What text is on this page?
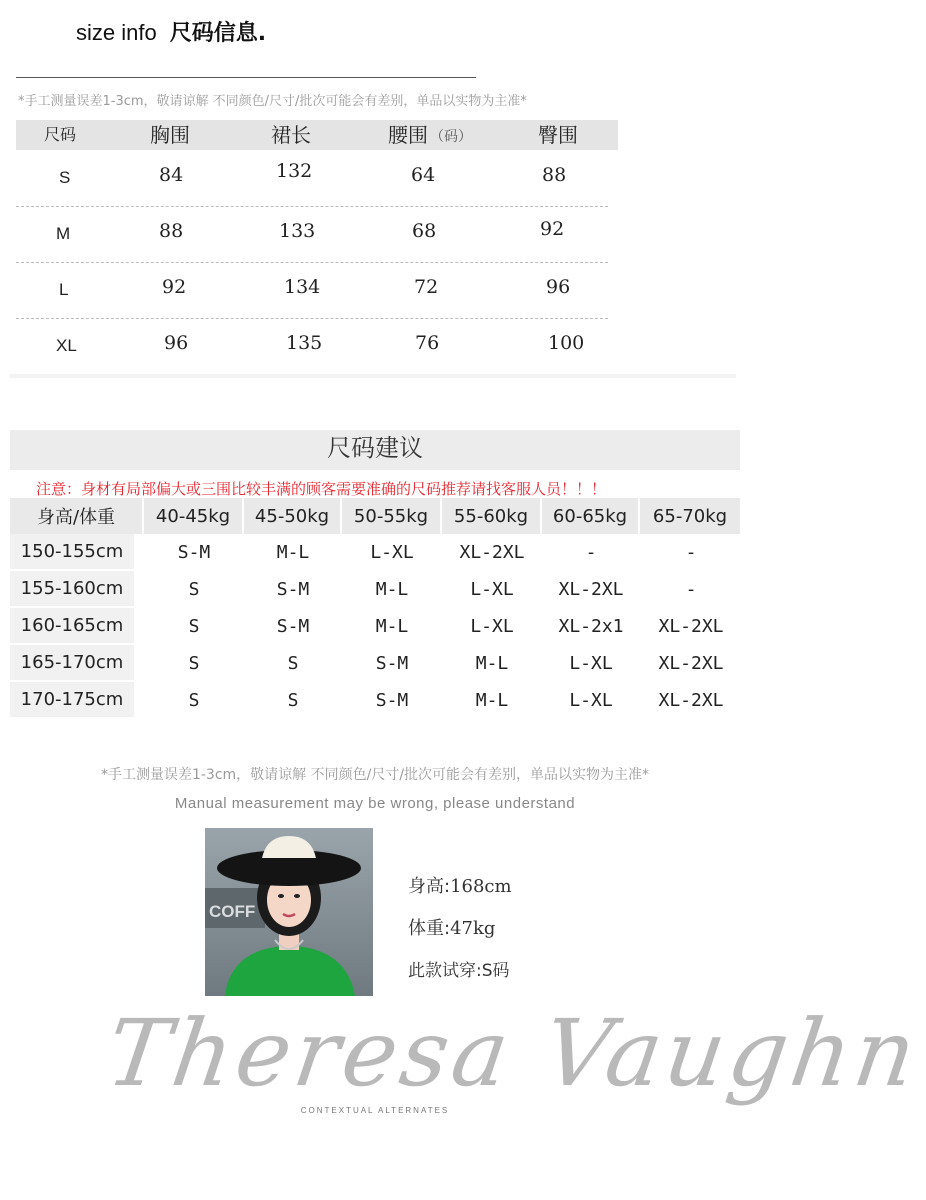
size info 尺码信息.
*手工测量误差1-3cm，敬请谅解 不同颜色/尺寸/批次可能会有差别，单品以实物为主准*
尺码	胸围	裙长	腰围 （码）	臀围
S	84	132	64	88
M	88	133	68	92
L	92	134	72	96
XL	96	135	76	100
尺码建议
注意：身材有局部偏大或三围比较丰满的顾客需要准确的尺码推荐请找客服人员！！！
身高/体重	40-45kg	45-50kg	50-55kg	55-60kg	60-65kg	65-70kg
150-155cm	S-M	M-L	L-XL	XL-2XL	-	-
155-160cm	S	S-M	M-L	L-XL	XL-2XL	-
160-165cm	S	S-M	M-L	L-XL	XL-2x1	XL-2XL
165-170cm	S	S	S-M	M-L	L-XL	XL-2XL
170-175cm	S	S	S-M	M-L	L-XL	XL-2XL
*手工测量误差1-3cm，敬请谅解 不同颜色/尺寸/批次可能会有差别，单品以实物为主准*
Manual measurement may be wrong, please understand
COFF
身高:168cm
体重:47kg
此款试穿:S码
Theresa Vaughn
CONTEXTUAL ALTERNATES
